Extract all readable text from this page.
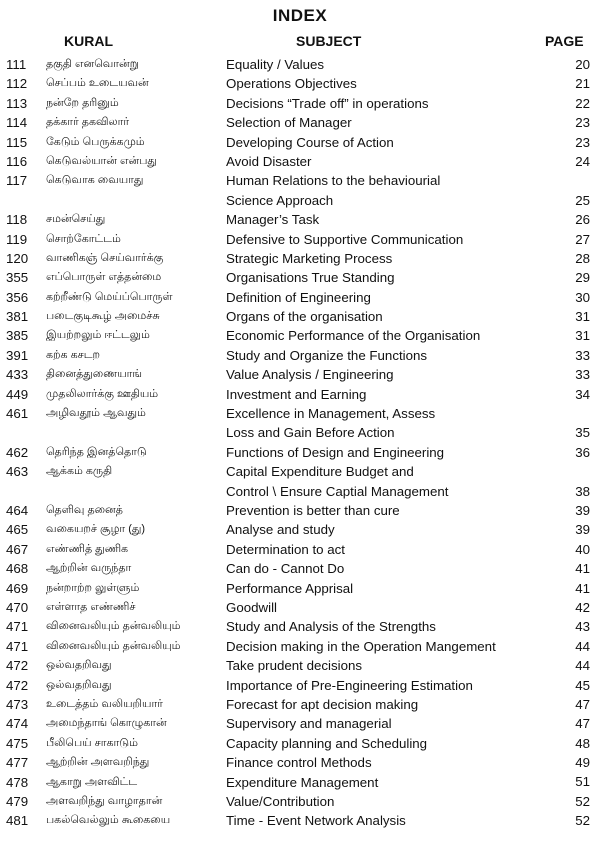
INDEX
KURAL	SUBJECT	PAGE
111 தகுதி எனவொன்று	Equality / Values	20
112 செப்பம் உடையவன்	Operations Objectives	21
113 நன்றே தரினும்	Decisions “Trade off” in operations	22
114 தக்கார் தகவிலார்	Selection of Manager	23
115 கேடும் பெருக்கமும்	Developing Course of Action	23
116 கெடுவல்யான் என்பது	Avoid Disaster	24
117 கெடுவாக வையாது	Human Relations to the behaviourial
Science Approach	25
118 சமன்செய்து	Manager’s Task	26
119 சொற்கோட்டம்	Defensive to Supportive Communication	27
120 வாணிகஞ் செய்வார்க்கு	Strategic Marketing Process	28
355 எப்பொருள் எத்தன்மை	Organisations True Standing	29
356 கற்றீண்டு மெய்ப்பொருள்	Definition of Engineering	30
381 படைகுடிகூழ் அமைச்சு	Organs of the organisation	31
385 இயற்றலும் ஈட்டலும்	Economic Performance of the Organisation	31
391 கற்க கசடற	Study and Organize the Functions	33
433 தினைத்துணையாங்	Value Analysis / Engineering	33
449 முதலிலார்க்கு ஊதியம்	Investment and Earning	34
461 அழிவதூம் ஆவதும்	Excellence in Management, Assess
Loss and Gain Before Action	35
462 தெரிந்த இனத்தொடு	Functions of Design and Engineering	36
463 ஆக்கம் கருதி	Capital Expenditure Budget and
Control \ Ensure Captial Management	38
464 தெளிவு தனைத்	Prevention is better than cure	39
465 வகையறச் சூழா (து)	Analyse and study	39
467 எண்ணித் துணிக	Determination to act	40
468 ஆற்றின் வருந்தா	Can do - Cannot Do	41
469 நன்றாற்ற லுள்ளும்	Performance Apprisal	41
470 எள்ளாத எண்ணிச்	Goodwill	42
471 வினைவலியும் தன்வலியும்	Study and Analysis of the Strengths	43
471 வினைவலியும் தன்வலியும்	Decision making in the Operation Mangement	44
472 ஒல்வதறிவது	Take prudent decisions	44
472 ஒல்வதறிவது	Importance of Pre-Engineering Estimation	45
473 உடைத்தம் வலியறியார்	Forecast for apt decision making	47
474 அமைந்தாங் கொழுகான்	Supervisory and managerial	47
475 பீலிபெய் சாகாடும்	Capacity planning and Scheduling	48
477 ஆற்றின் அளவறிந்து	Finance control Methods	49
478 ஆகாறு அளவிட்ட	Expenditure Management	51
479 அளவறிந்து வாழாதான்	Value/Contribution	52
481 பகல்வெல்லும் கூகையை	Time - Event Network Analysis	52
